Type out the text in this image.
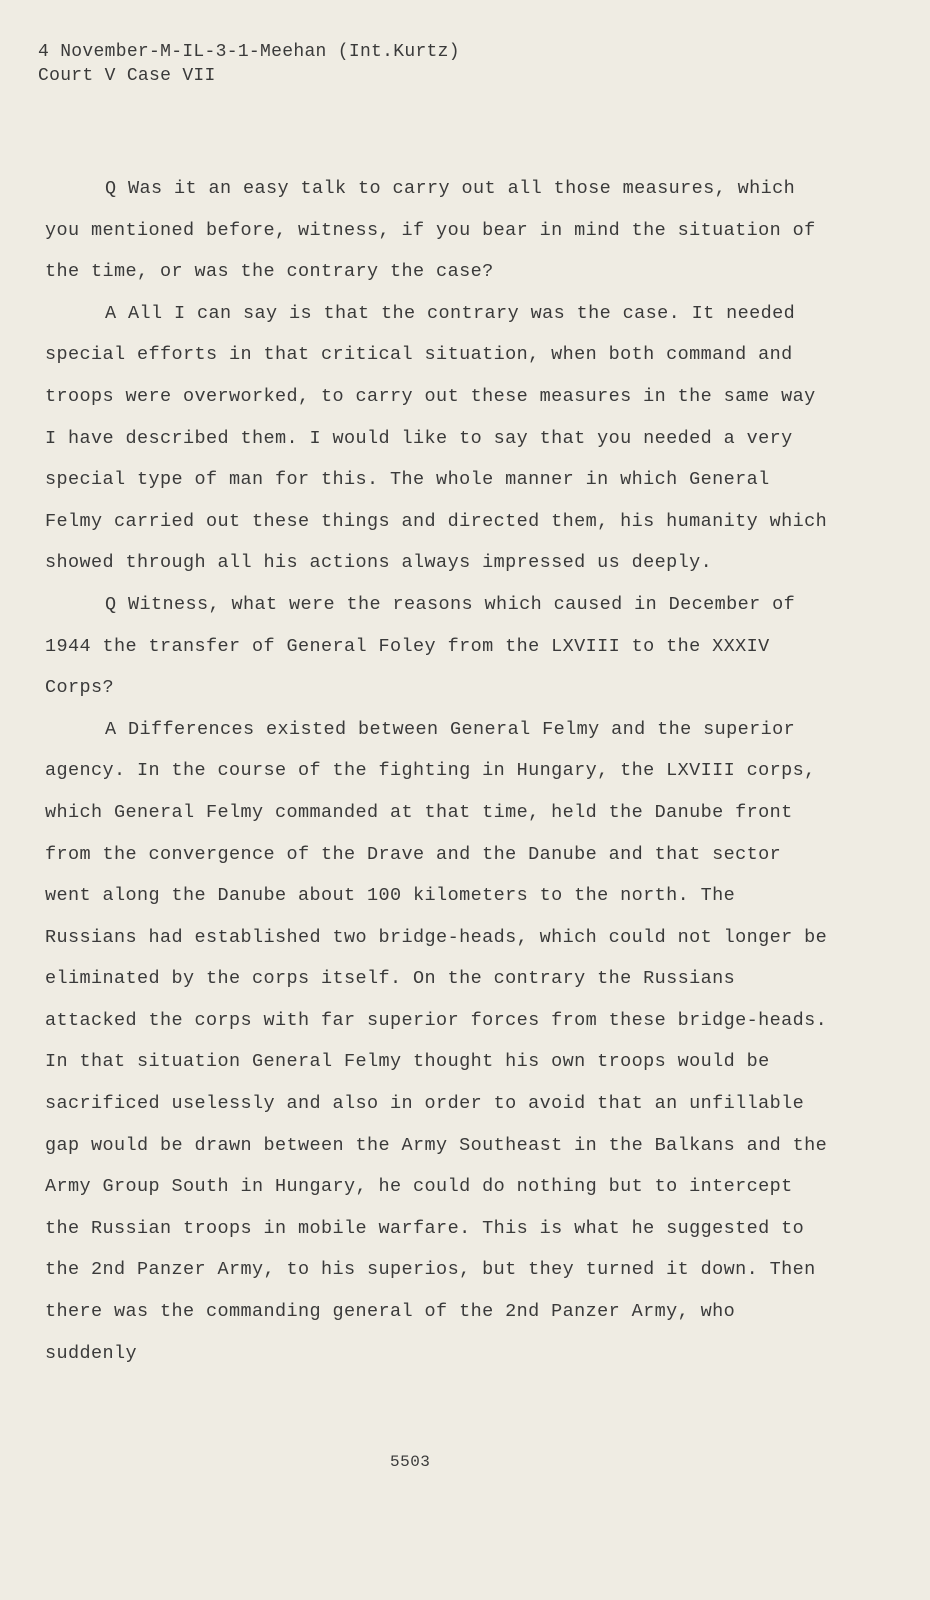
4 November-M-IL-3-1-Meehan (Int.Kurtz)
Court V Case VII

Q Was it an easy talk to carry out all those measures, which you mentioned before, witness, if you bear in mind the situation of the time, or was the contrary the case?

A All I can say is that the contrary was the case. It needed special efforts in that critical situation, when both command and troops were overworked, to carry out these measures in the same way I have described them. I would like to say that you needed a very special type of man for this. The whole manner in which General Felmy carried out these things and directed them, his humanity which showed through all his actions always impressed us deeply.

Q Witness, what were the reasons which caused in December of 1944 the transfer of General Foley from the LXVIII to the XXXIV Corps?

A Differences existed between General Felmy and the superior agency. In the course of the fighting in Hungary, the LXVIII corps, which General Felmy commanded at that time, held the Danube front from the convergence of the Drave and the Danube and that sector went along the Danube about 100 kilometers to the north. The Russians had established two bridge-heads, which could not longer be eliminated by the corps itself. On the contrary the Russians attacked the corps with far superior forces from these bridge-heads. In that situation General Felmy thought his own troops would be sacrificed uselessly and also in order to avoid that an unfillable gap would be drawn between the Army Southeast in the Balkans and the Army Group South in Hungary, he could do nothing but to intercept the Russian troops in mobile warfare. This is what he suggested to the 2nd Panzer Army, to his superios, but they turned it down. Then there was the commanding general of the 2nd Panzer Army, who suddenly

5503
